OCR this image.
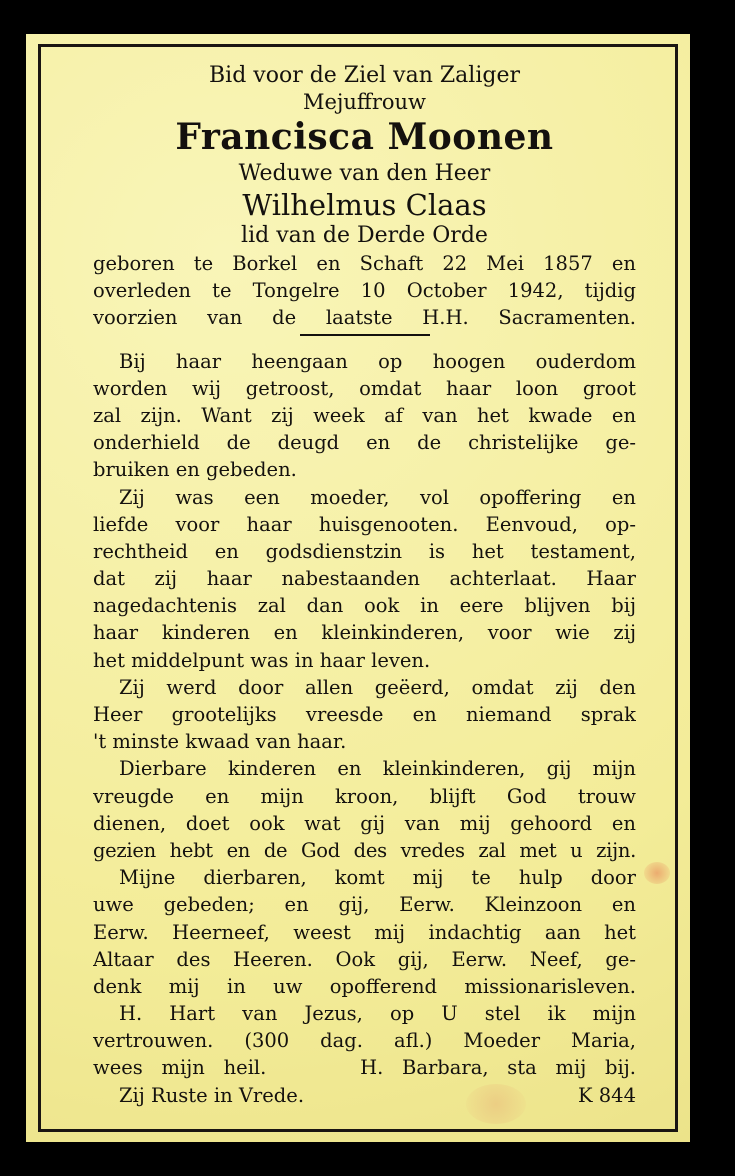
Bid voor de Ziel van Zaliger
Mejuffrouw
Francisca Moonen
Weduwe van den Heer
Wilhelmus Claas
lid van de Derde Orde
geboren te Borkel en Schaft 22 Mei 1857 en
overleden te Tongelre 10 October 1942, tijdig
voorzien van de laatste H.H. Sacramenten.
Bij haar heengaan op hoogen ouderdom
worden wij getroost, omdat haar loon groot
zal zijn. Want zij week af van het kwade en
onderhield de deugd en de christelijke ge-
bruiken en gebeden.
Zij was een moeder, vol opoffering en
liefde voor haar huisgenooten. Eenvoud, op-
rechtheid en godsdienstzin is het testament,
dat zij haar nabestaanden achterlaat. Haar
nagedachtenis zal dan ook in eere blijven bij
haar kinderen en kleinkinderen, voor wie zij
het middelpunt was in haar leven.
Zij werd door allen geëerd, omdat zij den
Heer grootelijks vreesde en niemand sprak
't minste kwaad van haar.
Dierbare kinderen en kleinkinderen, gij mijn
vreugde en mijn kroon, blijft God trouw
dienen, doet ook wat gij van mij gehoord en
gezien hebt en de God des vredes zal met u zijn.
Mijne dierbaren, komt mij te hulp door
uwe gebeden; en gij, Eerw. Kleinzoon en
Eerw. Heerneef, weest mij indachtig aan het
Altaar des Heeren. Ook gij, Eerw. Neef, ge-
denk mij in uw opofferend missionarisleven.
H. Hart van Jezus, op U stel ik mijn
vertrouwen. (300 dag. afl.) Moeder Maria,
wees mijn heil.     H. Barbara, sta mij bij.
Zij Ruste in Vrede.	K 844
